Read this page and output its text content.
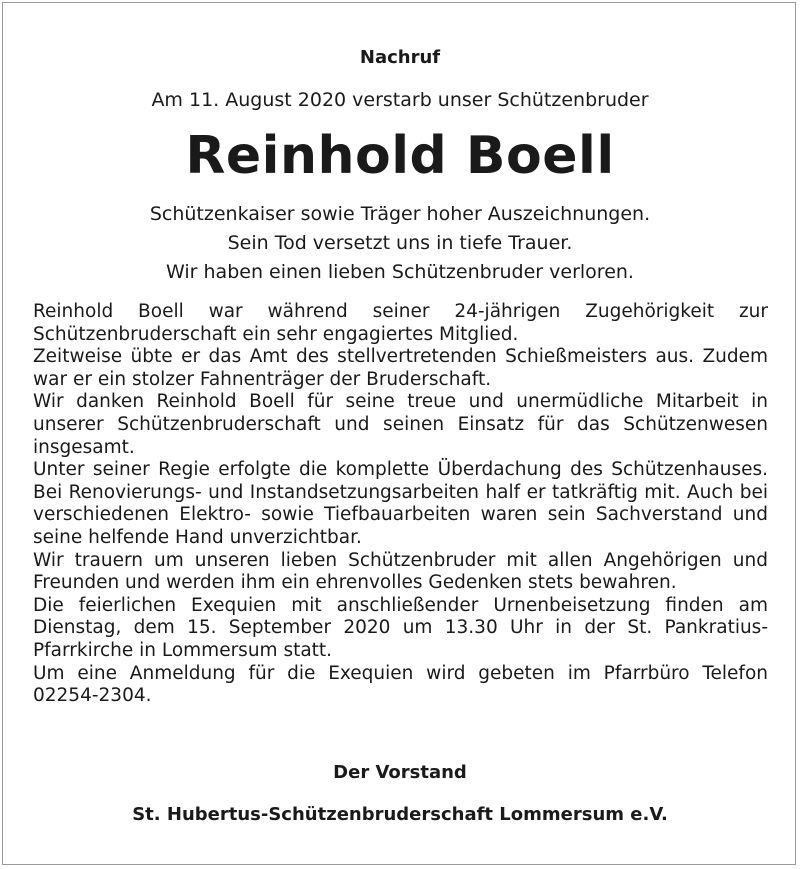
Nachruf
Am 11. August 2020 verstarb unser Schützenbruder
Reinhold Boell
Schützenkaiser sowie Träger hoher Auszeichnungen.
Sein Tod versetzt uns in tiefe Trauer.
Wir haben einen lieben Schützenbruder verloren.

Reinhold Boell war während seiner 24-jährigen Zugehörigkeit zur Schützenbruderschaft ein sehr engagiertes Mitglied.

Zeitweise übte er das Amt des stellvertretenden Schießmeisters aus. Zudem war er ein stolzer Fahnenträger der Bruderschaft.

Wir danken Reinhold Boell für seine treue und unermüdliche Mitarbeit in unserer Schützenbruderschaft und seinen Einsatz für das Schützenwesen insgesamt.

Unter seiner Regie erfolgte die komplette Überdachung des Schützenhauses. Bei Renovierungs- und Instandsetzungsarbeiten half er tatkräftig mit. Auch bei verschiedenen Elektro- sowie Tiefbauarbeiten waren sein Sachverstand und seine helfende Hand unverzichtbar.

Wir trauern um unseren lieben Schützenbruder mit allen Angehörigen und Freunden und werden ihm ein ehrenvolles Gedenken stets bewahren.

Die feierlichen Exequien mit anschließender Urnenbeisetzung finden am Dienstag, dem 15. September 2020 um 13.30 Uhr in der St. Pankratius-Pfarrkirche in Lommersum statt.

Um eine Anmeldung für die Exequien wird gebeten im Pfarrbüro Telefon 02254-2304.

Der Vorstand
St. Hubertus-Schützenbruderschaft Lommersum e.V.
